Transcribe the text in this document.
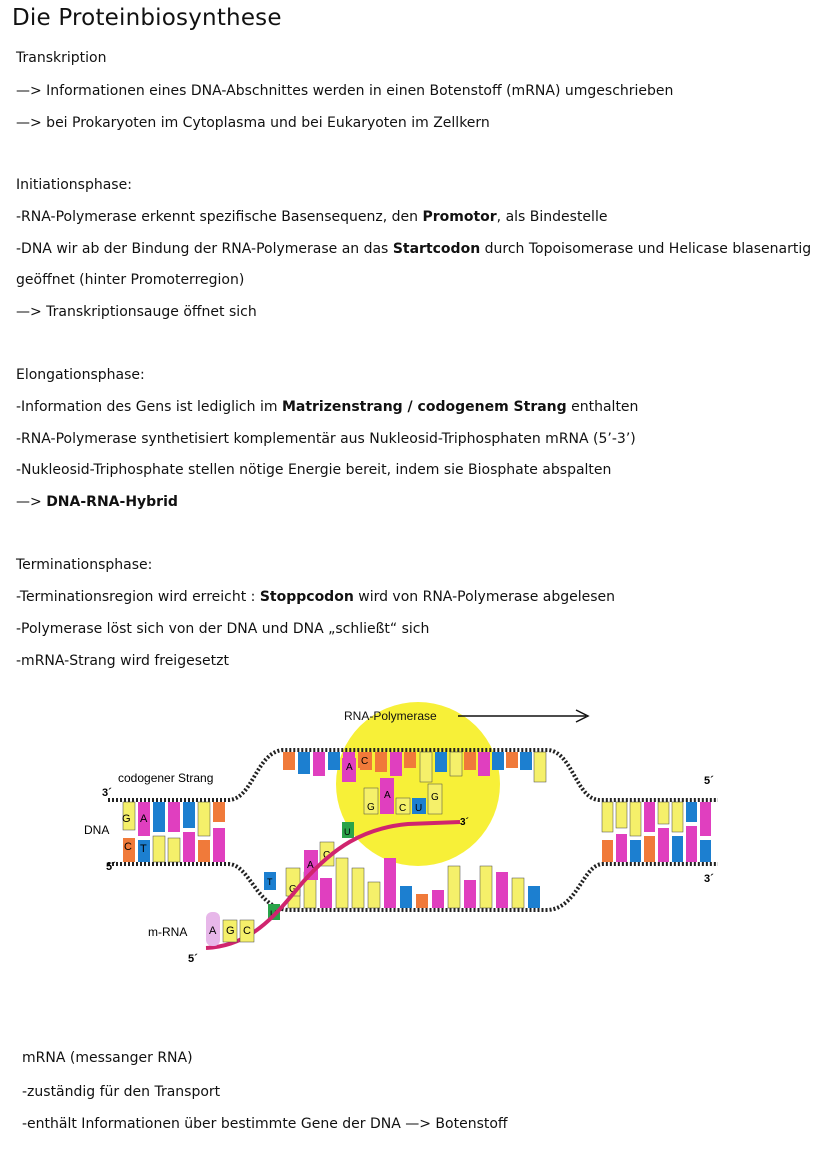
Die Proteinbiosynthese
Transkription
—> Informationen eines DNA-Abschnittes werden in einen Botenstoff (mRNA) umgeschrieben
—> bei Prokaryoten im Cytoplasma und bei Eukaryoten im Zellkern
Initiationsphase:
-RNA-Polymerase erkennt spezifische Basensequenz, den Promotor, als Bindestelle
-DNA wir ab der Bindung der RNA-Polymerase an das Startcodon durch Topoisomerase und Helicase blasenartig
geöffnet (hinter Promoterregion)
—> Transkriptionsauge öffnet sich
Elongationsphase:
-Information des Gens ist lediglich im Matrizenstrang / codogenem Strang enthalten
-RNA-Polymerase synthetisiert komplementär aus Nukleosid-Triphosphaten mRNA (5’-3’)
-Nukleosid-Triphosphate stellen nötige Energie bereit, indem sie Biosphate abspalten
—> DNA-RNA-Hybrid
Terminationsphase:
-Terminationsregion wird erreicht : Stoppcodon wird von RNA-Polymerase abgelesen
-Polymerase löst sich von der DNA und DNA „schließt“ sich
-mRNA-Strang wird freigesetzt
RNA-Polymerase
codogener Strang
3´
DNA
5´
G A
C T
A
C
G
A
C U
G
U
A
C
G
T
U
3´
m-RNA A G C
5´
5´
3´
mRNA (messanger RNA)
-zuständig für den Transport
-enthält Informationen über bestimmte Gene der DNA —> Botenstoff
